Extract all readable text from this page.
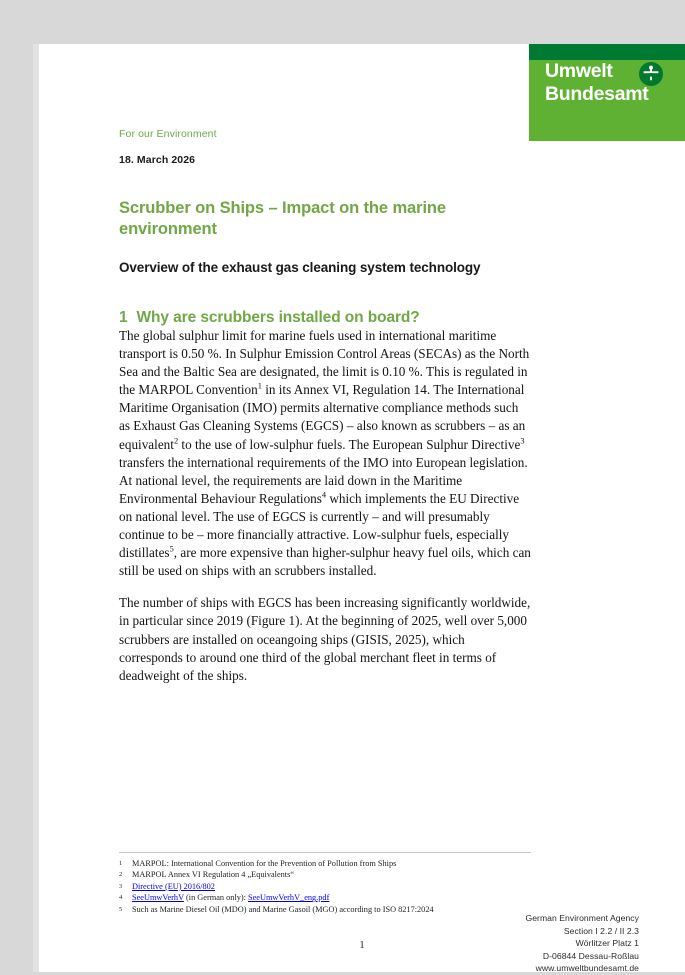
Umwelt
Bundesamt
For our Environment
18. March 2026
Scrubber on Ships – Impact on the marine environment
Overview of the exhaust gas cleaning system technology
1 Why are scrubbers installed on board?

The global sulphur limit for marine fuels used in international maritime transport is 0.50 %. In Sulphur Emission Control Areas (SECAs) as the North Sea and the Baltic Sea are designated, the limit is 0.10 %. This is regulated in the MARPOL Convention$^1$ in its Annex VI, Regulation 14. The International Maritime Organisation (IMO) permits alternative compliance methods such as Exhaust Gas Cleaning Systems (EGCS) – also known as scrubbers – as an equivalent$^2$ to the use of low-sulphur fuels. The European Sulphur Directive$^3$ transfers the international requirements of the IMO into European legislation. At national level, the requirements are laid down in the Maritime Environmental Behaviour Regulations$^4$ which implements the EU Directive on national level. The use of EGCS is currently – and will presumably continue to be – more financially attractive. Low-sulphur fuels, especially distillates$^5$, are more expensive than higher-sulphur heavy fuel oils, which can still be used on ships with an scrubbers installed.

The number of ships with EGCS has been increasing significantly worldwide, in particular since 2019 (Figure 1). At the beginning of 2025, well over 5,000 scrubbers are installed on oceangoing ships (GISIS, 2025), which corresponds to around one third of the global merchant fleet in terms of deadweight of the ships.

1	MARPOL: International Convention for the Prevention of Pollution from Ships
2	MARPOL Annex VI Regulation 4 „Equivalents“
3	Directive (EU) 2016/802
4	SeeUmwVerhV (in German only): SeeUmwVerhV_eng.pdf
5	Such as Marine Diesel Oil (MDO) and Marine Gasoil (MGO) according to ISO 8217:2024
1
German Environment Agency
Section I 2.2 / II 2.3
Wörlitzer Platz 1
D-06844 Dessau-Roßlau
www.umweltbundesamt.de
